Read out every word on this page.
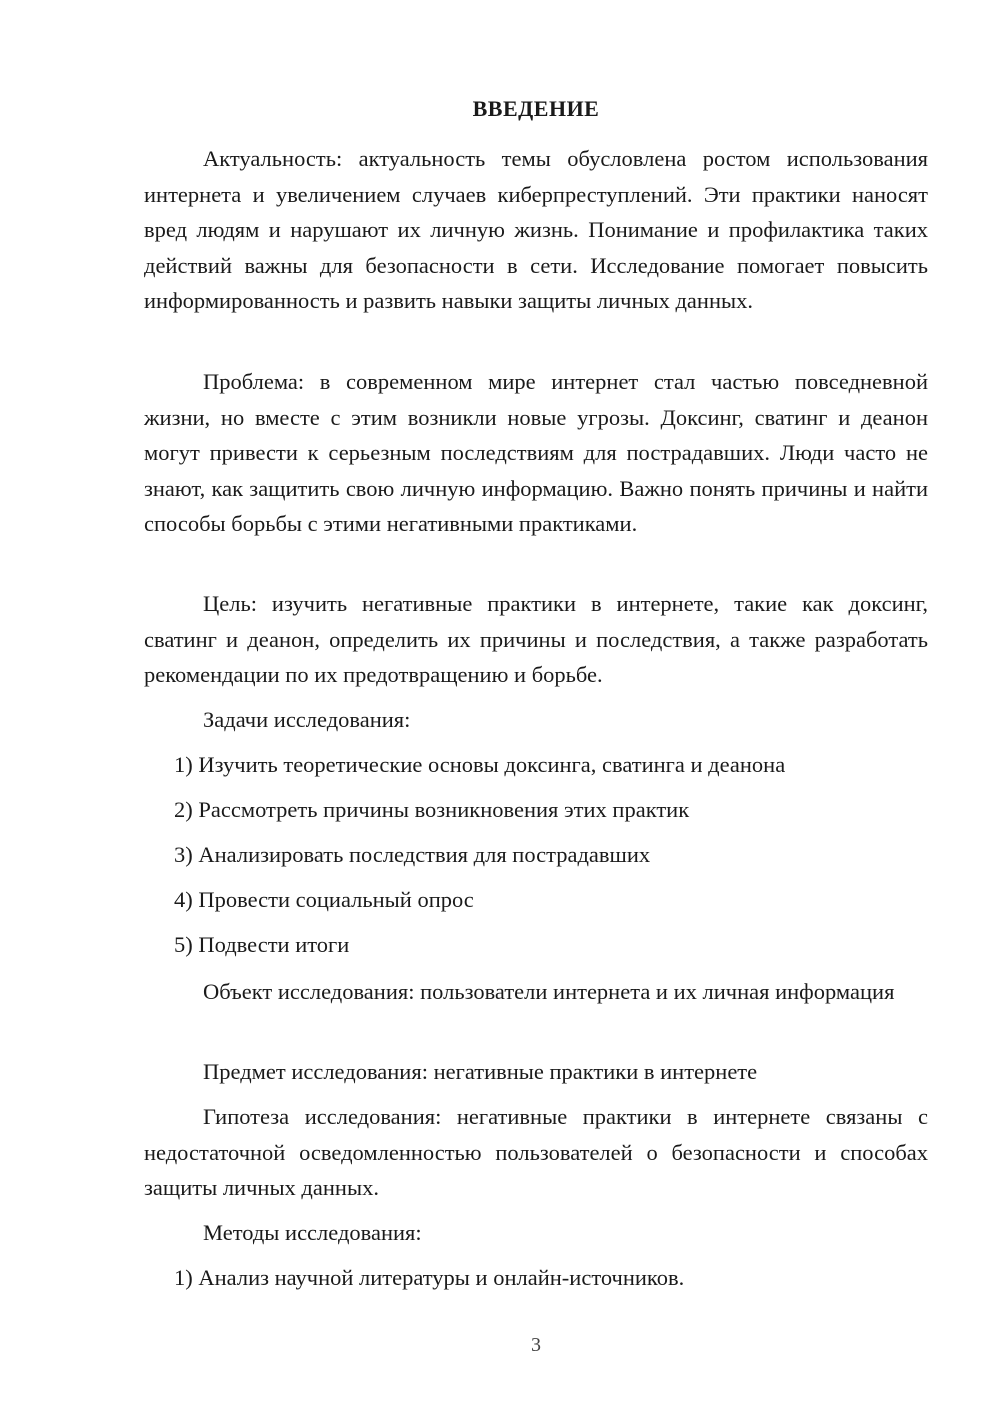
ВВЕДЕНИЕ

Актуальность: актуальность темы обусловлена ростом использования интернета и увеличением случаев киберпреступлений. Эти практики наносят вред людям и нарушают их личную жизнь. Понимание и профилактика таких действий важны для безопасности в сети. Исследование помогает повысить информированность и развить навыки защиты личных данных.

Проблема: в современном мире интернет стал частью повседневной жизни, но вместе с этим возникли новые угрозы. Доксинг, сватинг и деанон могут привести к серьезным последствиям для пострадавших. Люди часто не знают, как защитить свою личную информацию. Важно понять причины и найти способы борьбы с этими негативными практиками.

Цель: изучить негативные практики в интернете, такие как доксинг, сватинг и деанон, определить их причины и последствия, а также разработать рекомендации по их предотвращению и борьбе.

Задачи исследования:
1) Изучить теоретические основы доксинга, сватинга и деанона
2) Рассмотреть причины возникновения этих практик
3) Анализировать последствия для пострадавших
4) Провести социальный опрос
5) Подвести итоги

Объект исследования: пользователи интернета и их личная информация

Предмет исследования: негативные практики в интернете

Гипотеза исследования: негативные практики в интернете связаны с недостаточной осведомленностью пользователей о безопасности и способах защиты личных данных.

Методы исследования:
1) Анализ научной литературы и онлайн-источников.
3
